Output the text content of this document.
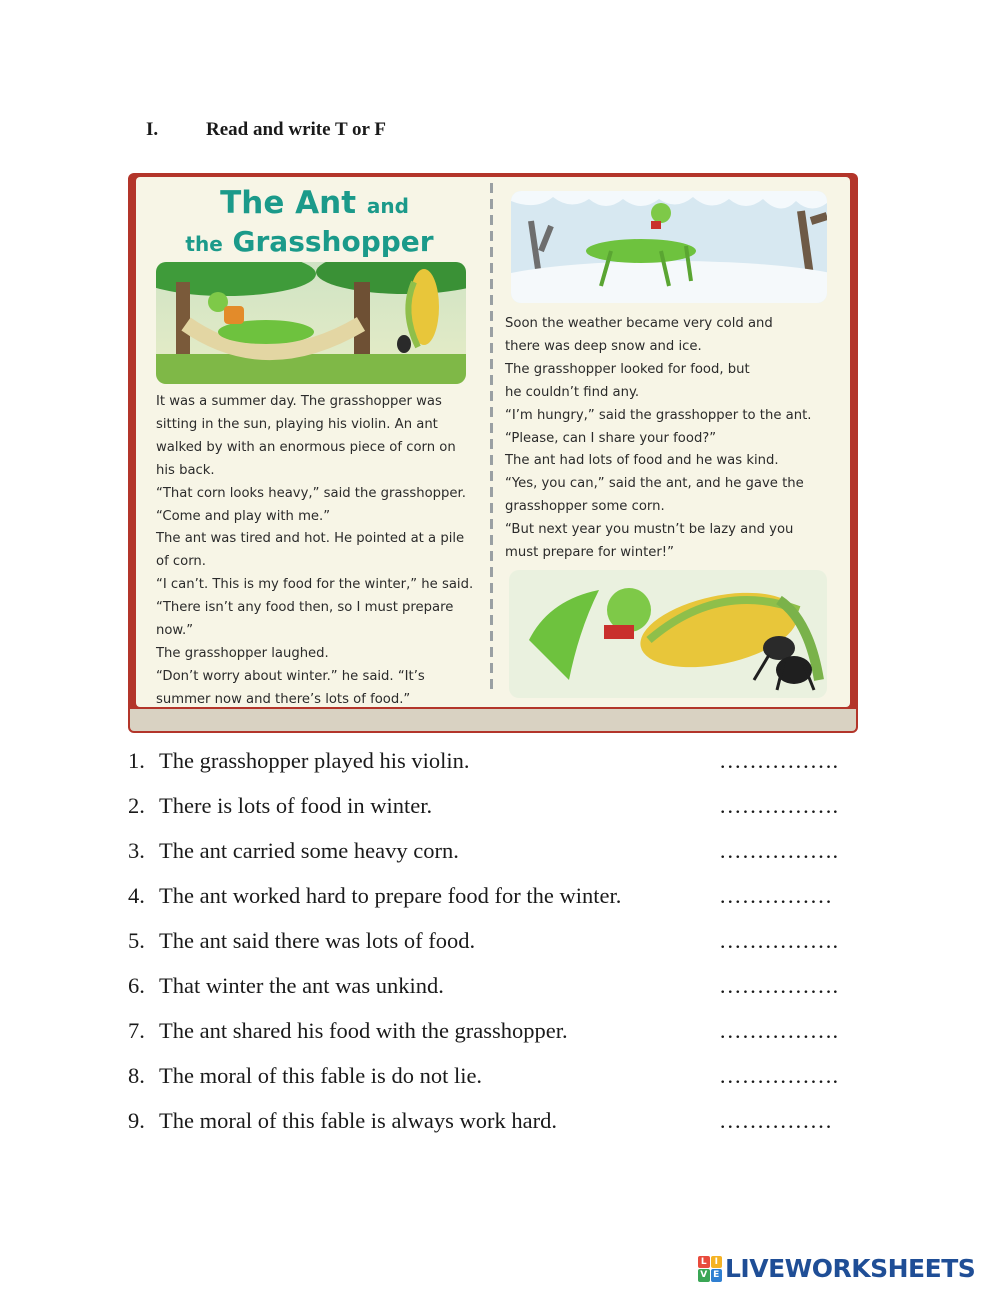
I.	Read and write T or F
The Ant and
the Grasshopper

It was a summer day. The grasshopper was
sitting in the sun, playing his violin. An ant
walked by with an enormous piece of corn on
his back.
“That corn looks heavy,” said the grasshopper.
“Come and play with me.”
The ant was tired and hot. He pointed at a pile
of corn.
“I can’t. This is my food for the winter,” he said.
“There isn’t any food then, so I must prepare
now.”
The grasshopper laughed.
“Don’t worry about winter.” he said. “It’s
summer now and there’s lots of food.”

Soon the weather became very cold and
there was deep snow and ice.
The grasshopper looked for food, but
he couldn’t find any.
“I’m hungry,” said the grasshopper to the ant.
“Please, can I share your food?”
The ant had lots of food and he was kind.
“Yes, you can,” said the ant, and he gave the
grasshopper some corn.
“But next year you mustn’t be lazy and you
must prepare for winter!”

1. The grasshopper played his violin.	…………….
2. There is lots of food in winter.	…………….
3. The ant carried some heavy corn.	…………….
4. The ant worked hard to prepare food for the winter.	……………
5. The ant said there was lots of food.	…………….
6. That winter the ant was unkind.	…………….
7. The ant shared his food with the grasshopper.	…………….
8. The moral of this fable is do not lie.	…………….
9. The moral of this fable is always work hard.	……………
L I
V E LIVEWORKSHEETS
